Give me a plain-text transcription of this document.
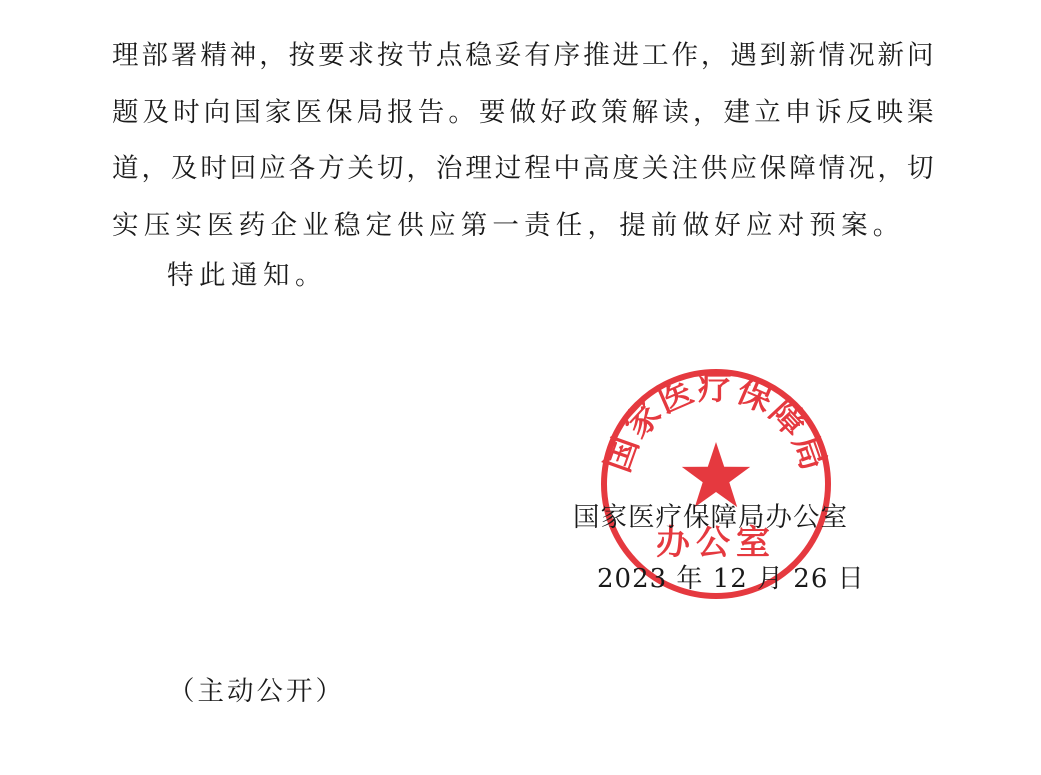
理部署精神，按要求按节点稳妥有序推进工作，遇到新情况新问
题及时向国家医保局报告。要做好政策解读，建立申诉反映渠
道，及时回应各方关切，治理过程中高度关注供应保障情况，切
实压实医药企业稳定供应第一责任，提前做好应对预案。
特此通知。
国家医疗保障局
办公室
国家医疗保障局办公室
2023 年 12 月 26 日
（主动公开）
